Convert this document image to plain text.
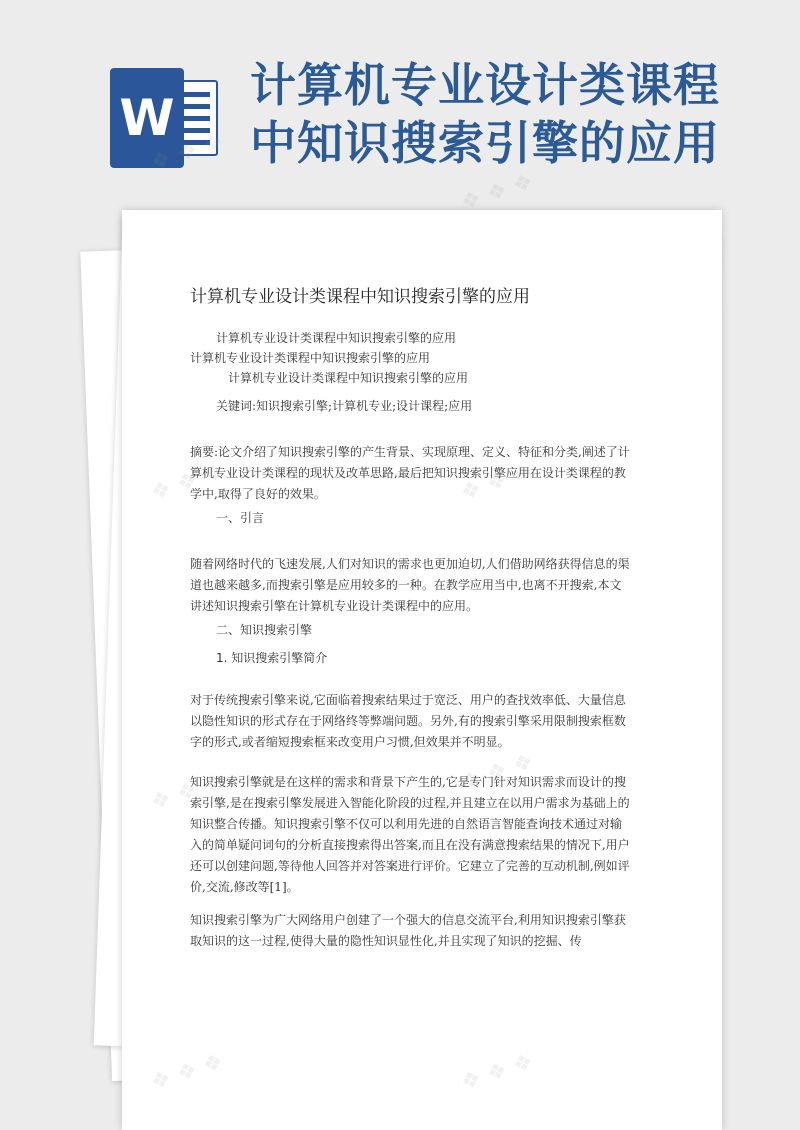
W
计算机专业设计类课程
中知识搜索引擎的应用
计算机专业设计类课程中知识搜索引擎的应用
计算机专业设计类课程中知识搜索引擎的应用
计算机专业设计类课程中知识搜索引擎的应用
计算机专业设计类课程中知识搜索引擎的应用
关键词:知识搜索引擎;计算机专业;设计课程;应用
摘要:论文介绍了知识搜索引擎的产生背景、实现原理、定义、特征和分类,阐述了计算机专业设计类课程的现状及改革思路,最后把知识搜索引擎应用在设计类课程的教学中,取得了良好的效果。
一、引言
随着网络时代的飞速发展,人们对知识的需求也更加迫切,人们借助网络获得信息的渠道也越来越多,而搜索引擎是应用较多的一种。在教学应用当中,也离不开搜索,本文讲述知识搜索引擎在计算机专业设计类课程中的应用。
二、知识搜索引擎
1. 知识搜索引擎简介
对于传统搜索引擎来说,它面临着搜索结果过于宽泛、用户的查找效率低、大量信息以隐性知识的形式存在于网络终等弊端问题。另外,有的搜索引擎采用限制搜索框数字的形式,或者缩短搜索框来改变用户习惯,但效果并不明显。
知识搜索引擎就是在这样的需求和背景下产生的,它是专门针对知识需求而设计的搜索引擎,是在搜索引擎发展进入智能化阶段的过程,并且建立在以用户需求为基础上的知识整合传播。知识搜索引擎不仅可以利用先进的自然语言智能查询技术通过对输入的简单疑问词句的分析直接搜索得出答案,而且在没有满意搜索结果的情况下,用户还可以创建问题,等待他人回答并对答案进行评价。它建立了完善的互动机制,例如评价,交流,修改等[1]。
知识搜索引擎为广大网络用户创建了一个强大的信息交流平台,利用知识搜索引擎获取知识的这一过程,使得大量的隐性知识显性化,并且实现了知识的挖掘、传
❖ ❖ ❖
